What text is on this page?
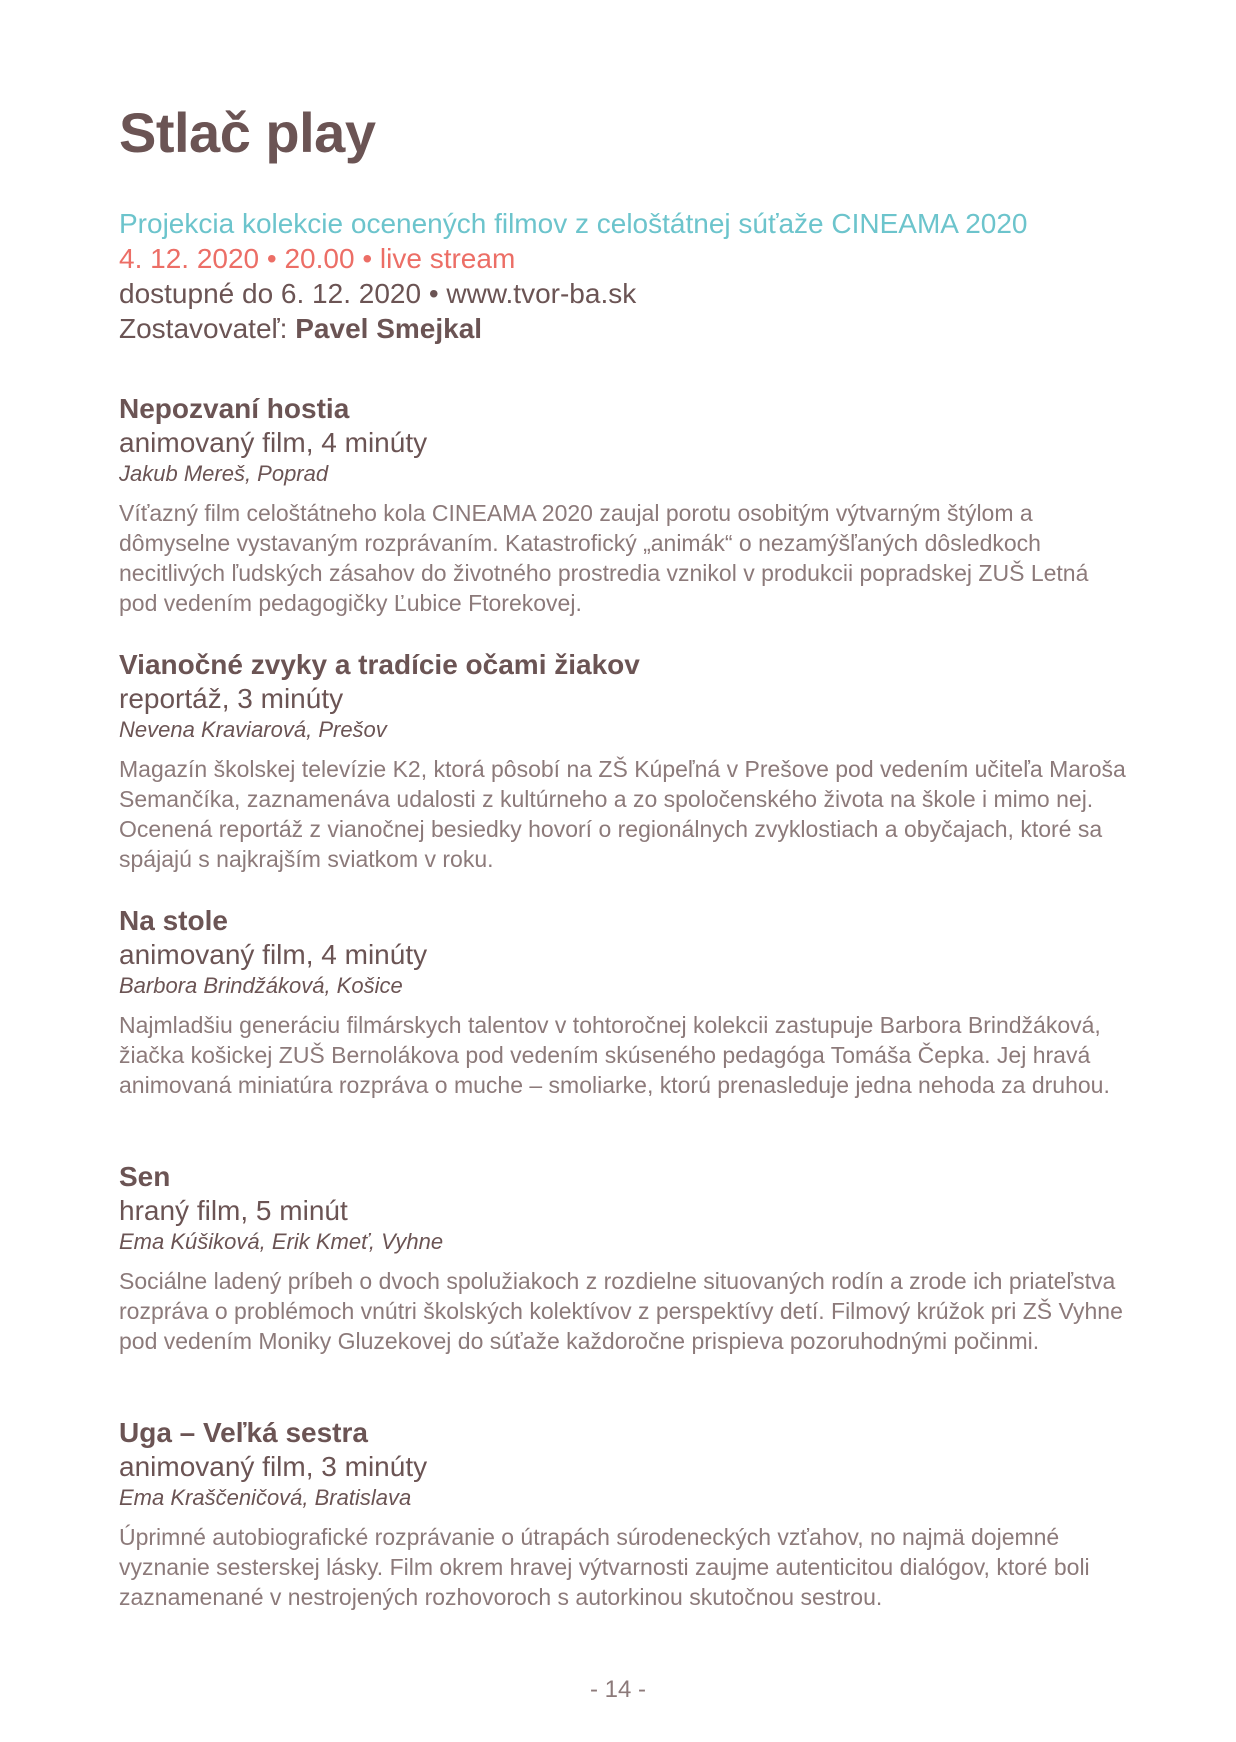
Stlač play
Projekcia kolekcie ocenených filmov z celoštátnej súťaže CINEAMA 2020
4. 12. 2020 • 20.00 • live stream
dostupné do 6. 12. 2020 • www.tvor-ba.sk
Zostavovateľ: Pavel Smejkal
Nepozvaní hostia
animovaný film, 4 minúty
Jakub Mereš, Poprad
Víťazný film celoštátneho kola CINEAMA 2020 zaujal porotu osobitým výtvarným štýlom a dômyselne vystavaným rozprávaním. Katastrofický „animák“ o nezamýšľaných dôsledkoch necitlivých ľudských zásahov do životného prostredia vznikol v produkcii popradskej ZUŠ Letná pod vedením pedagogičky Ľubice Ftorekovej.
Vianočné zvyky a tradície očami žiakov
reportáž, 3 minúty
Nevena Kraviarová, Prešov
Magazín školskej televízie K2, ktorá pôsobí na ZŠ Kúpeľná v Prešove pod vedením učiteľa Maroša Semančíka, zaznamenáva udalosti z kultúrneho a zo spoločenského života na škole i mimo nej. Ocenená reportáž z vianočnej besiedky hovorí o regionálnych zvyklostiach a obyčajach, ktoré sa spájajú s najkrajším sviatkom v roku.
Na stole
animovaný film, 4 minúty
Barbora Brindžáková, Košice
Najmladšiu generáciu filmárskych talentov v tohtoročnej kolekcii zastupuje Barbora Brindžáková, žiačka košickej ZUŠ Bernolákova pod vedením skúseného pedagóga Tomáša Čepka. Jej hravá animovaná miniatúra rozpráva o muche – smoliarke, ktorú prenasleduje jedna nehoda za druhou.
Sen
hraný film, 5 minút
Ema Kúšiková, Erik Kmeť, Vyhne
Sociálne ladený príbeh o dvoch spolužiakoch z rozdielne situovaných rodín a zrode ich priateľstva rozpráva o problémoch vnútri školských kolektívov z perspektívy detí. Filmový krúžok pri ZŠ Vyhne pod vedením Moniky Gluzekovej do súťaže každoročne prispieva pozoruhodnými počinmi.
Uga – Veľká sestra
animovaný film, 3 minúty
Ema Kraščeničová, Bratislava
Úprimné autobiografické rozprávanie o útrapách súrodeneckých vzťahov, no najmä dojemné vyznanie sesterskej lásky. Film okrem hravej výtvarnosti zaujme autenticitou dialógov, ktoré boli zaznamenané v nestrojených rozhovoroch s autorkinou skutočnou sestrou.
- 14 -
